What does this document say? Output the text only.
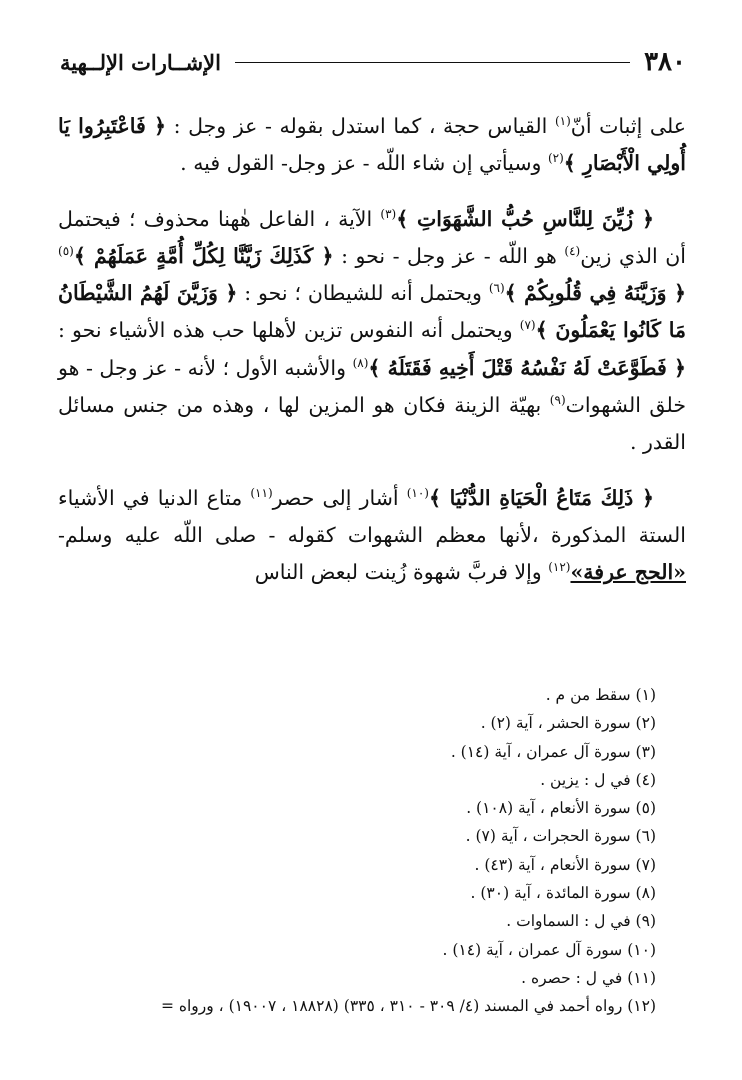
٣٨٠
الإشــارات الإلــهية

على إثبات أنّ$^{(١)}$ القياس حجة ، كما استدل بقوله - عز وجل : ﴿ فَاعْتَبِرُوا يَا أُولِي الْأَبْصَارِ ﴾$^{(٢)}$ وسيأتي إن شاء اللّه - عز وجل- القول فيه .

﴿ زُيِّنَ لِلنَّاسِ حُبُّ الشَّهَوَاتِ ﴾$^{(٣)}$ الآية ، الفاعل هٰهنا محذوف ؛ فيحتمل أن الذي زين$^{(٤)}$ هو اللّه - عز وجل - نحو : ﴿ كَذَلِكَ زَيَّنَّا لِكُلِّ أُمَّةٍ عَمَلَهُمْ ﴾$^{(٥)}$ ﴿ وَزَيَّنَهُ فِي قُلُوبِكُمْ ﴾$^{(٦)}$ ويحتمل أنه للشيطان ؛ نحو : ﴿ وَزَيَّنَ لَهُمُ الشَّيْطَانُ مَا كَانُوا يَعْمَلُونَ ﴾$^{(٧)}$ ويحتمل أنه النفوس تزين لأهلها حب هذه الأشياء نحو : ﴿ فَطَوَّعَتْ لَهُ نَفْسُهُ قَتْلَ أَخِيهِ فَقَتَلَهُ ﴾$^{(٨)}$ والأشبه الأول ؛ لأنه - عز وجل - هو خلق الشهوات$^{(٩)}$ بهيّة الزينة فكان هو المزين لها ، وهذه من جنس مسائل القدر .

﴿ ذَلِكَ مَتَاعُ الْحَيَاةِ الدُّنْيَا ﴾$^{(١٠)}$ أشار إلى حصر$^{(١١)}$ متاع الدنيا في الأشياء الستة المذكورة ،لأنها معظم الشهوات كقوله - صلى اللّه عليه وسلم- «الحج عرفة»$^{(١٢)}$ وإلا فربَّ شهوة زُينت لبعض الناس

(١) سقط من م .
(٢) سورة الحشر ، آية (٢) .
(٣) سورة آل عمران ، آية (١٤) .
(٤) في ل : يزين .
(٥) سورة الأنعام ، آية (١٠٨) .
(٦) سورة الحجرات ، آية (٧) .
(٧) سورة الأنعام ، آية (٤٣) .
(٨) سورة المائدة ، آية (٣٠) .
(٩) في ل : السماوات .
(١٠) سورة آل عمران ، آية (١٤) .
(١١) في ل : حصره .
(١٢) رواه أحمد في المسند (٤/ ٣٠٩ - ٣١٠ ، ٣٣٥) (١٨٨٢٨ ، ١٩٠٠٧) ، ورواه =
